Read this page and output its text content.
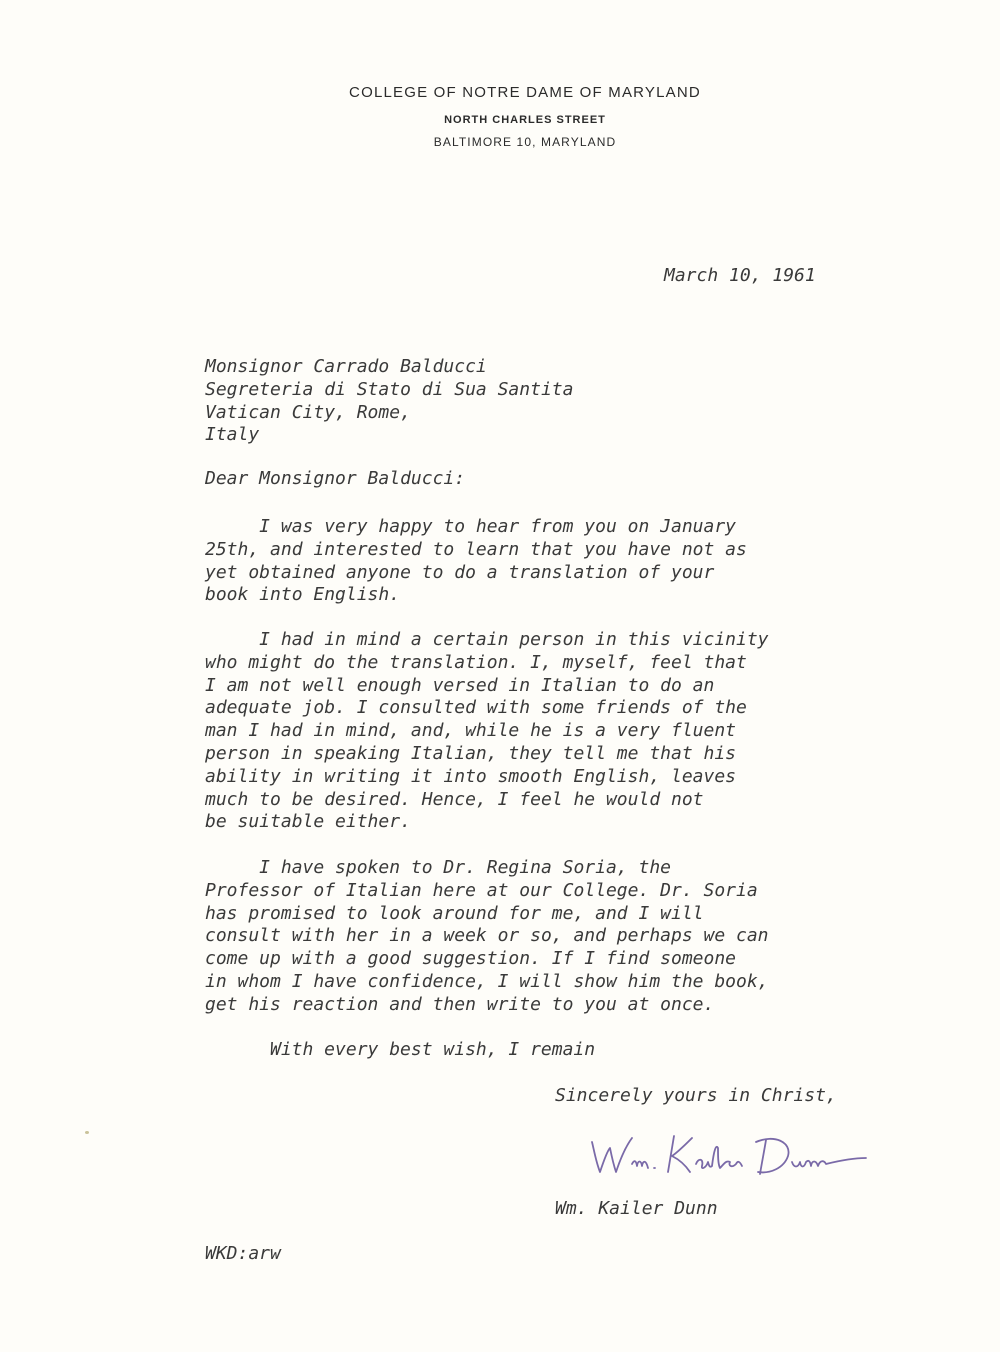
COLLEGE OF NOTRE DAME OF MARYLAND
NORTH CHARLES STREET
BALTIMORE 10, MARYLAND
March 10, 1961
Monsignor Carrado Balducci
Segreteria di Stato di Sua Santita
Vatican City, Rome,
Italy
Dear Monsignor Balducci:
I was very happy to hear from you on January
25th, and interested to learn that you have not as
yet obtained anyone to do a translation of your
book into English.
I had in mind a certain person in this vicinity
who might do the translation. I, myself, feel that
I am not well enough versed in Italian to do an
adequate job. I consulted with some friends of the
man I had in mind, and, while he is a very fluent
person in speaking Italian, they tell me that his
ability in writing it into smooth English, leaves
much to be desired. Hence, I feel he would not
be suitable either.
I have spoken to Dr. Regina Soria, the
Professor of Italian here at our College. Dr. Soria
has promised to look around for me, and I will
consult with her in a week or so, and perhaps we can
come up with a good suggestion. If I find someone
in whom I have confidence, I will show him the book,
get his reaction and then write to you at once.
With every best wish, I remain
Sincerely yours in Christ,
Wm. Kailer Dunn
WKD:arw
